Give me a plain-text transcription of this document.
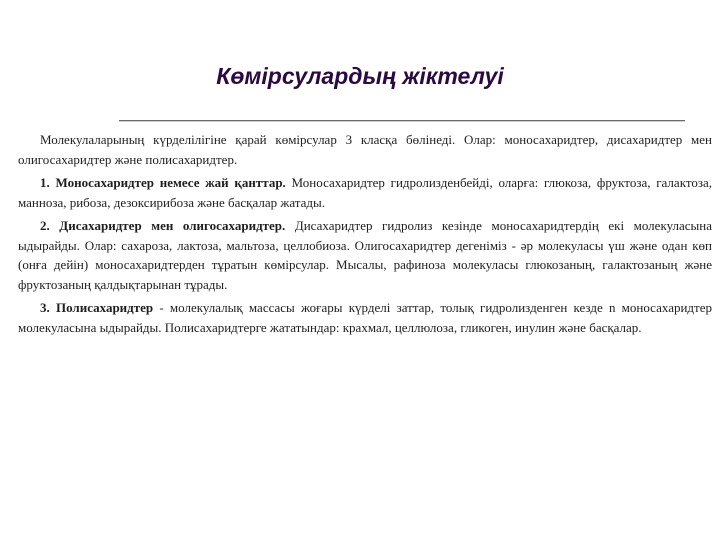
Көмірсулардың жіктелуі

Молекулаларының күрделілігіне қарай көмірсулар 3 класқа бөлінеді. Олар: моносахаридтер, дисахаридтер мен олигосахаридтер және полисахаридтер.

1. Моносахаридтер немесе жай қанттар. Моносахаридтер гидролизденбейді, оларға: глюкоза, фруктоза, галактоза, манноза, рибоза, дезоксирибоза және басқалар жатады.

2. Дисахаридтер мен олигосахаридтер. Дисахаридтер гидролиз кезінде моносахаридтердің екі молекуласына ыдырайды. Олар: сахароза, лактоза, мальтоза, целлобиоза. Олигосахаридтер дегеніміз - әр молекуласы үш және одан көп (онға дейін) моносахаридтерден тұратын көмірсулар. Мысалы, рафиноза молекуласы глюкозаның, галактозаның және фруктозаның қалдықтарынан тұрады.

3. Полисахаридтер - молекулалық массасы жоғары күрделі заттар, толық гидролизденген кезде n моносахаридтер молекуласына ыдырайды. Полисахаридтерге жататындар: крахмал, целлюлоза, гликоген, инулин және басқалар.
